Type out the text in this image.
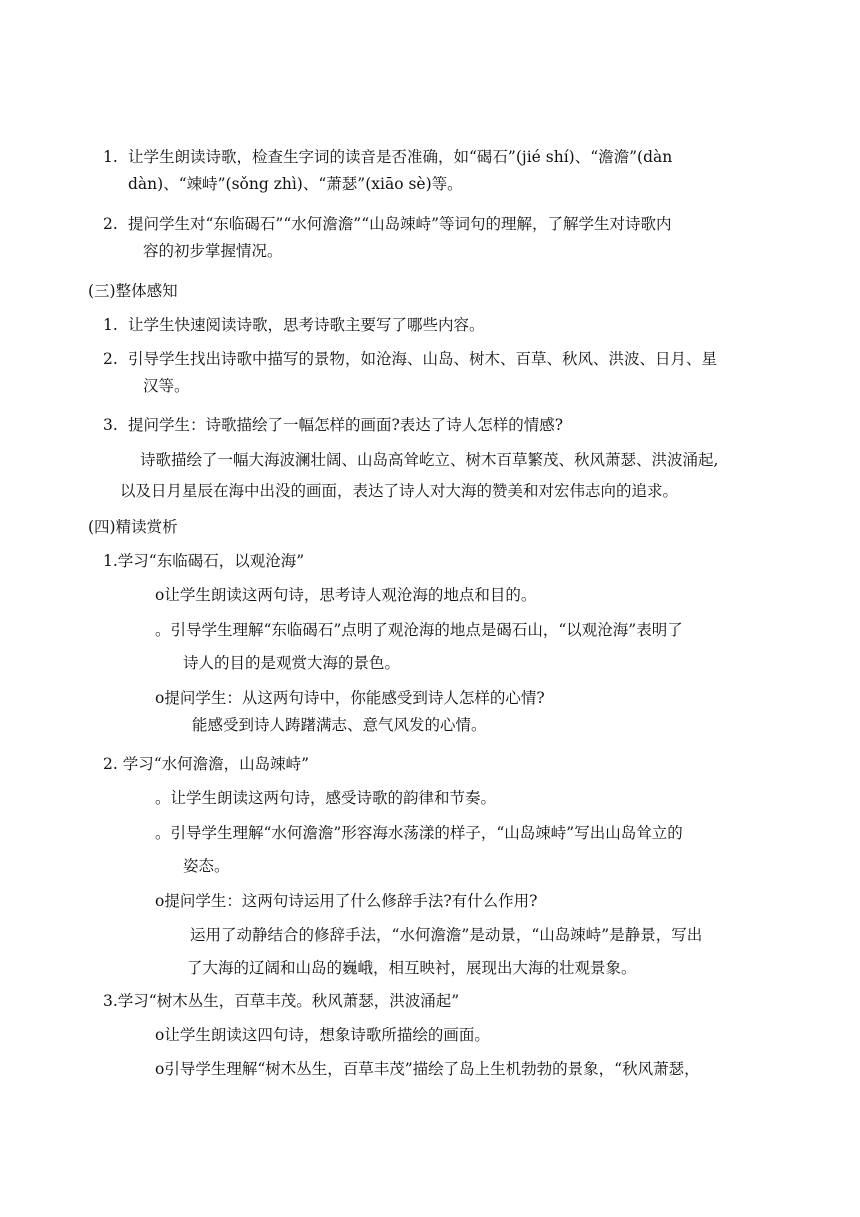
1. 让学生朗读诗歌，检查生字词的读音是否准确，如“碣石”(jié shí)、“澹澹”(dàn
dàn)、“竦峙”(sǒng zhì)、“萧瑟”(xiāo sè)等。
2. 提问学生对“东临碣石”“水何澹澹”“山岛竦峙”等词句的理解，了解学生对诗歌内
容的初步掌握情况。
(三)整体感知
1. 让学生快速阅读诗歌，思考诗歌主要写了哪些内容。
2. 引导学生找出诗歌中描写的景物，如沧海、山岛、树木、百草、秋风、洪波、日月、星
汉等。
3. 提问学生：诗歌描绘了一幅怎样的画面?表达了诗人怎样的情感?
诗歌描绘了一幅大海波澜壮阔、山岛高耸屹立、树木百草繁茂、秋风萧瑟、洪波涌起,
以及日月星辰在海中出没的画面，表达了诗人对大海的赞美和对宏伟志向的追求。
(四)精读赏析
1.学习“东临碣石，以观沧海”
o让学生朗读这两句诗，思考诗人观沧海的地点和目的。
。引导学生理解“东临碣石”点明了观沧海的地点是碣石山，“以观沧海”表明了
诗人的目的是观赏大海的景色。
o提问学生：从这两句诗中，你能感受到诗人怎样的心情?
能感受到诗人踌躇满志、意气风发的心情。
2. 学习“水何澹澹，山岛竦峙”
。让学生朗读这两句诗，感受诗歌的韵律和节奏。
。引导学生理解“水何澹澹”形容海水荡漾的样子，“山岛竦峙”写出山岛耸立的
姿态。
o提问学生：这两句诗运用了什么修辞手法?有什么作用?
运用了动静结合的修辞手法，“水何澹澹”是动景，“山岛竦峙”是静景，写出
了大海的辽阔和山岛的巍峨，相互映衬，展现出大海的壮观景象。
3.学习“树木丛生，百草丰茂。秋风萧瑟，洪波涌起”
o让学生朗读这四句诗，想象诗歌所描绘的画面。
o引导学生理解“树木丛生，百草丰茂”描绘了岛上生机勃勃的景象，“秋风萧瑟，
